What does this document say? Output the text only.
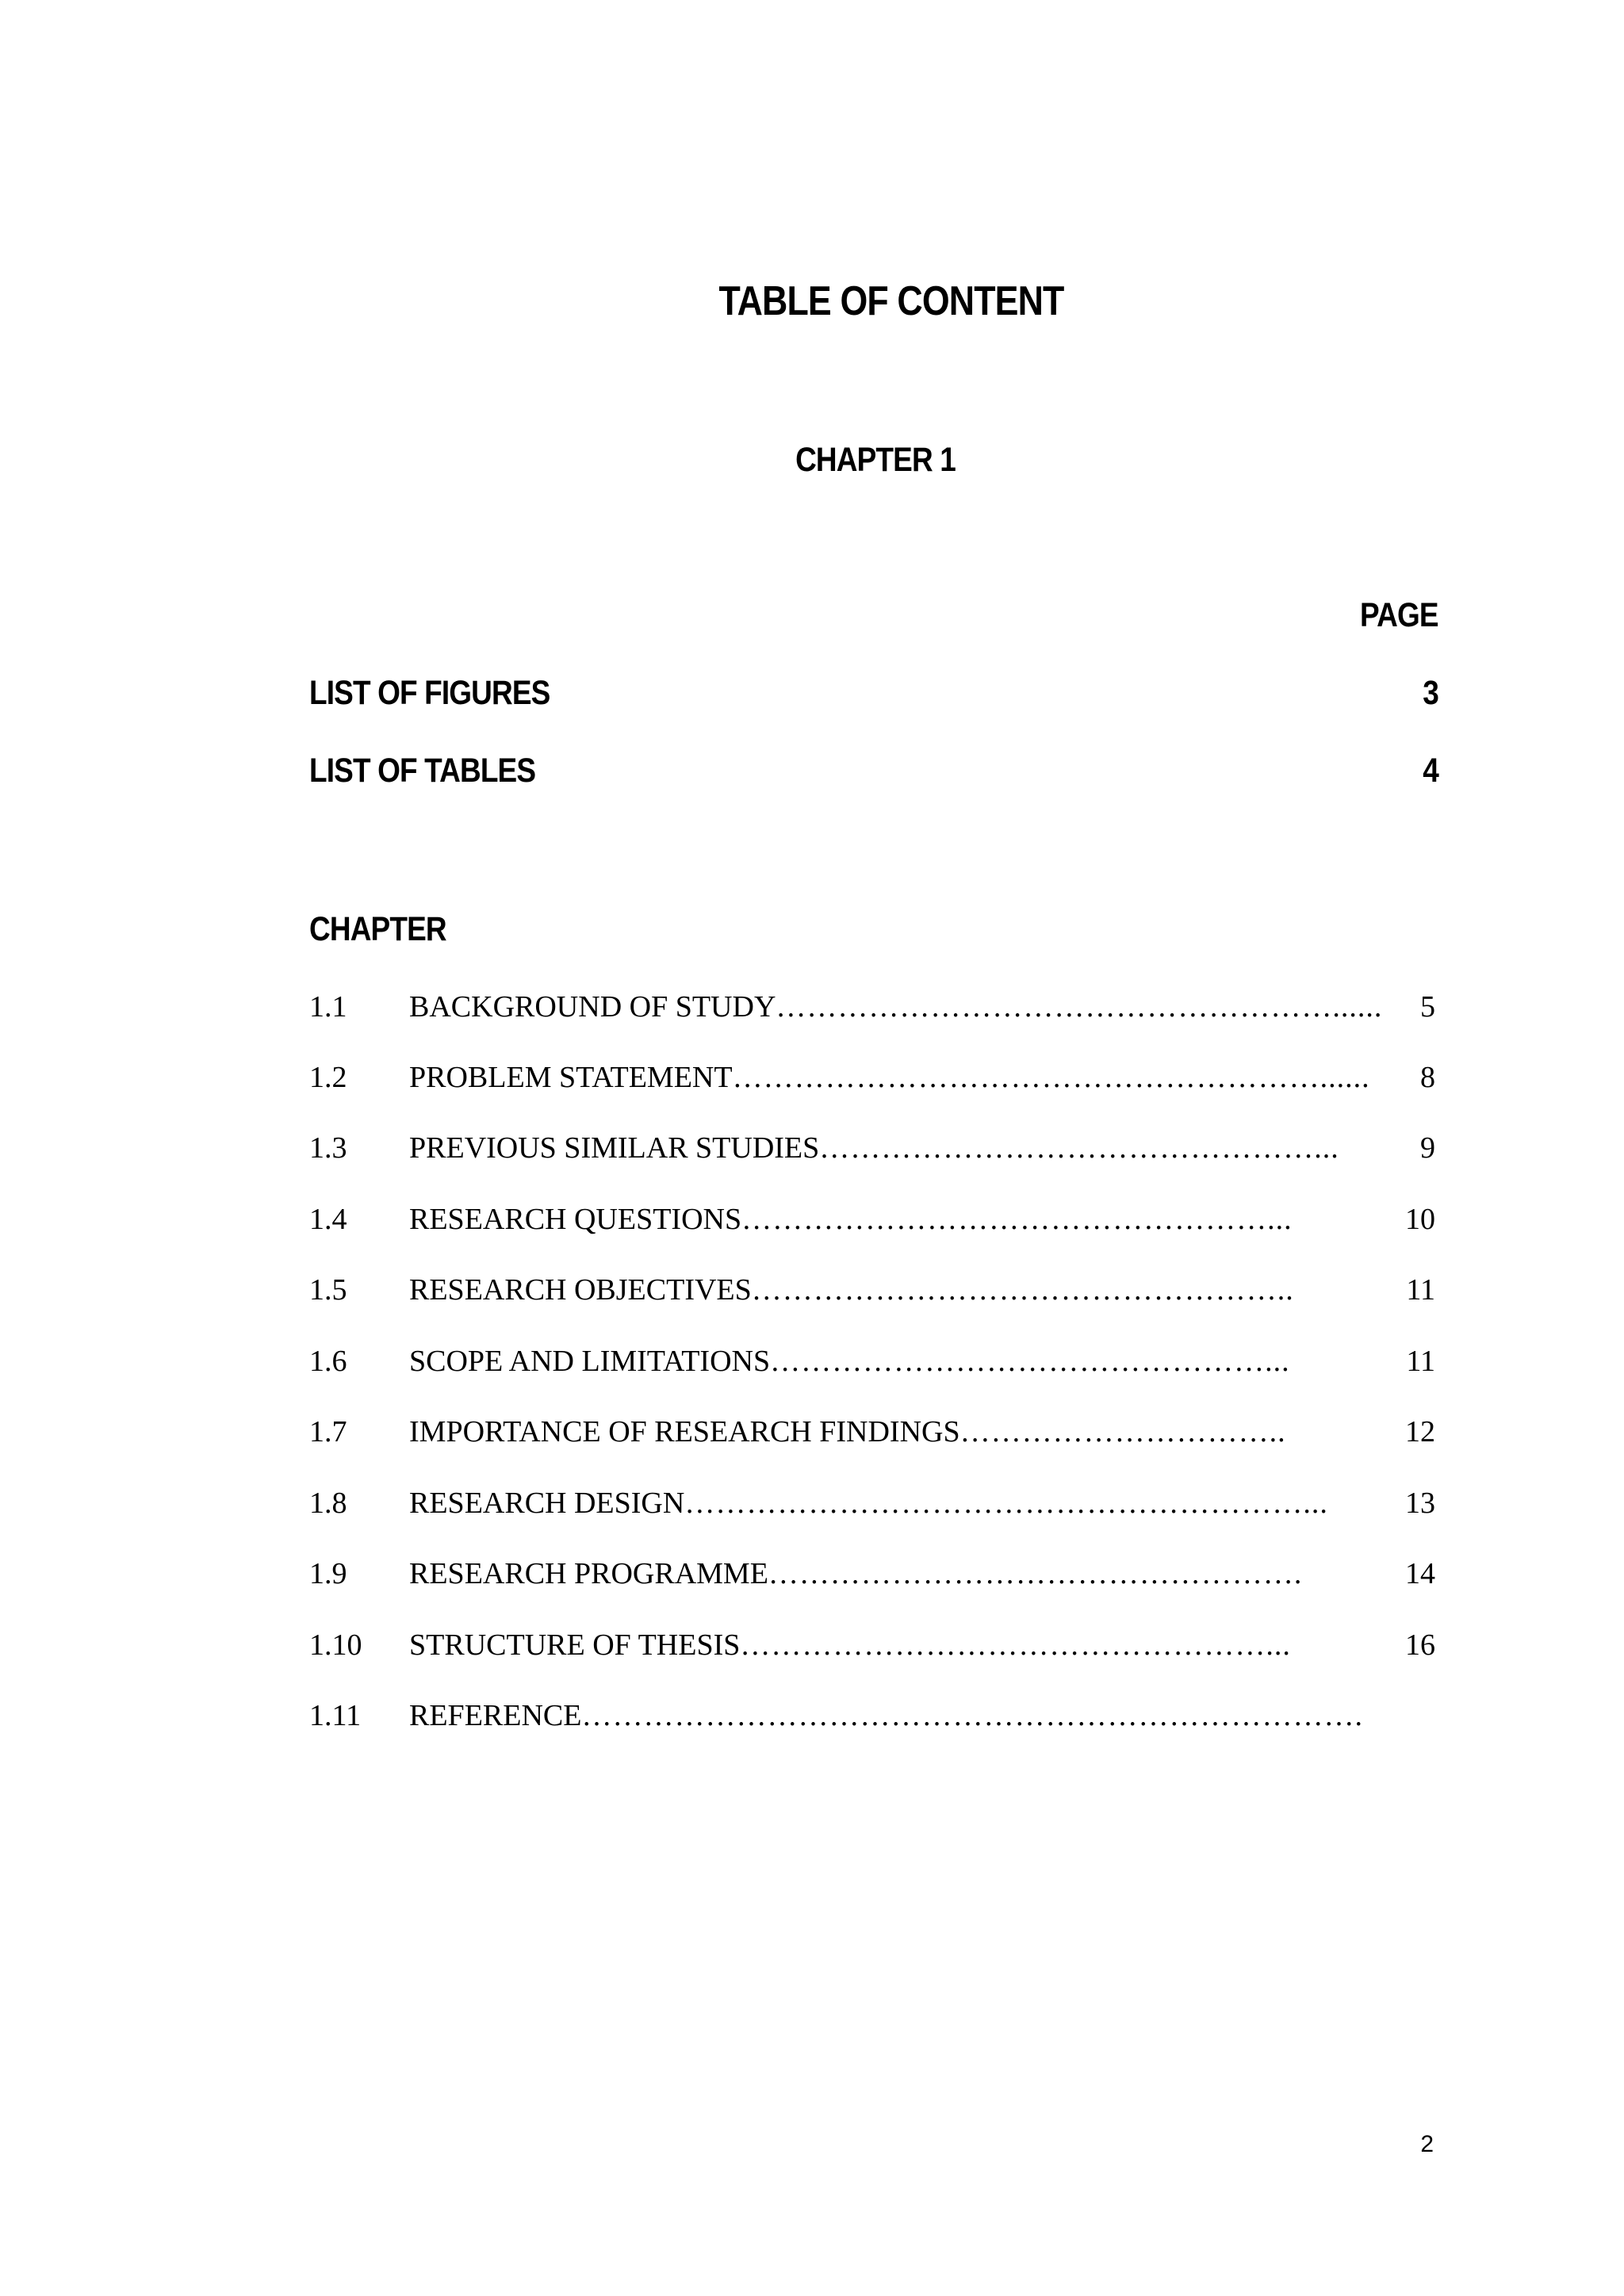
TABLE OF CONTENT
CHAPTER 1
PAGE
LIST OF FIGURES	3
LIST OF TABLES	4
CHAPTER
1.1 BACKGROUND OF STUDY ………………………………………………......	5
1.2 PROBLEM STATEMENT …………………………………………………......	8
1.3 PREVIOUS SIMILAR STUDIES …………………………………………...	9
1.4 RESEARCH QUESTIONS ……………………………………………...	10
1.5 RESEARCH OBJECTIVES ……………………………………………..	11
1.6 SCOPE AND LIMITATIONS …………………………………………...	11
1.7 IMPORTANCE OF RESEARCH FINDINGS …………………………..	12
1.8 RESEARCH DESIGN ……………………………………………………...	13
1.9 RESEARCH PROGRAMME …………………………………………….	14
1.10 STRUCTURE OF THESIS ……………………………………………...	16
1.11 REFERENCE ………………………………………………………………….
2
